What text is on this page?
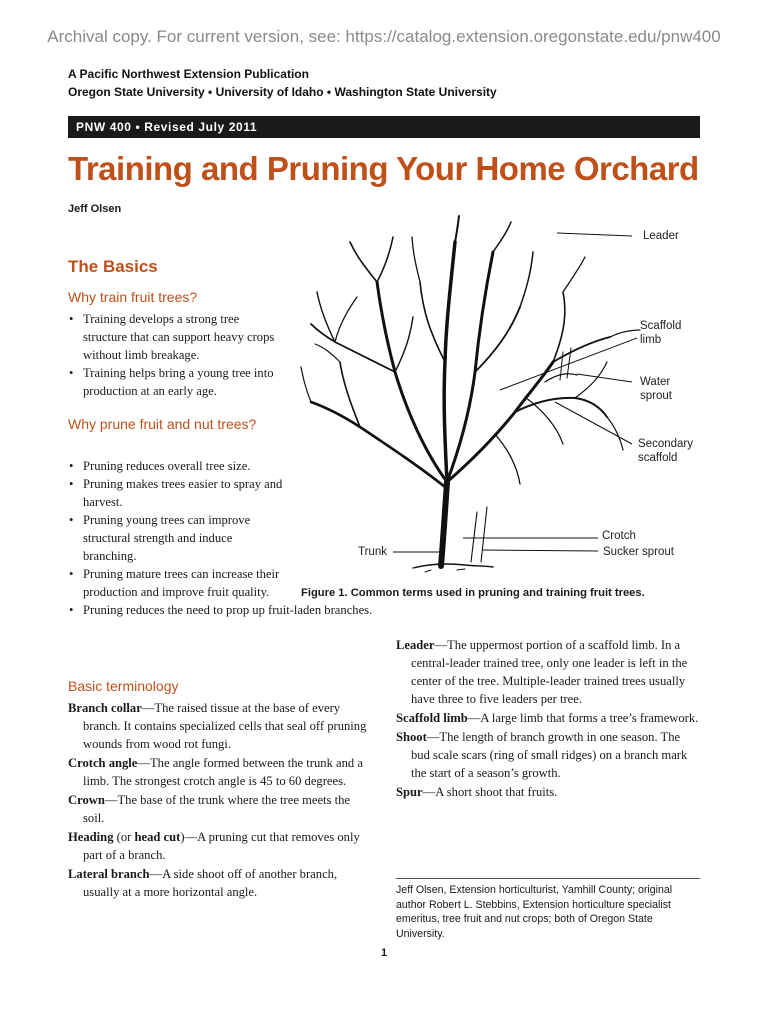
Archival copy. For current version, see: https://catalog.extension.oregonstate.edu/pnw400
A Pacific Northwest Extension Publication
Oregon State University • University of Idaho • Washington State University
PNW 400 • Revised July 2011
Training and Pruning Your Home Orchard
Jeff Olsen
The Basics
Why train fruit trees?
• Training develops a strong tree structure that can support heavy crops without limb breakage.
• Training helps bring a young tree into production at an early age.
Why prune fruit and nut trees?
• Pruning reduces overall tree size.
• Pruning makes trees easier to spray and harvest.
• Pruning young trees can improve structural strength and induce branching.
• Pruning mature trees can increase their production and improve fruit quality.
• Pruning reduces the need to prop up fruit-laden branches.
Basic terminology
Branch collar—The raised tissue at the base of every branch. It contains specialized cells that seal off pruning wounds from wood rot fungi.
Crotch angle—The angle formed between the trunk and a limb. The strongest crotch angle is 45 to 60 degrees.
Crown—The base of the trunk where the tree meets the soil.
Heading (or head cut)—A pruning cut that removes only part of a branch.
Lateral branch—A side shoot off of another branch, usually at a more horizontal angle.
Leader
Scaffold limb
Water sprout
Secondary scaffold
Crotch
Sucker sprout
Trunk
Figure 1. Common terms used in pruning and training fruit trees.
Leader—The uppermost portion of a scaffold limb. In a central-leader trained tree, only one leader is left in the center of the tree. Multiple-leader trained trees usually have three to five leaders per tree.
Scaffold limb—A large limb that forms a tree’s framework.
Shoot—The length of branch growth in one season. The bud scale scars (ring of small ridges) on a branch mark the start of a season’s growth.
Spur—A short shoot that fruits.
Jeff Olsen, Extension horticulturist, Yamhill County; original author Robert L. Stebbins, Extension horticulture specialist emeritus, tree fruit and nut crops; both of Oregon State University.
1
